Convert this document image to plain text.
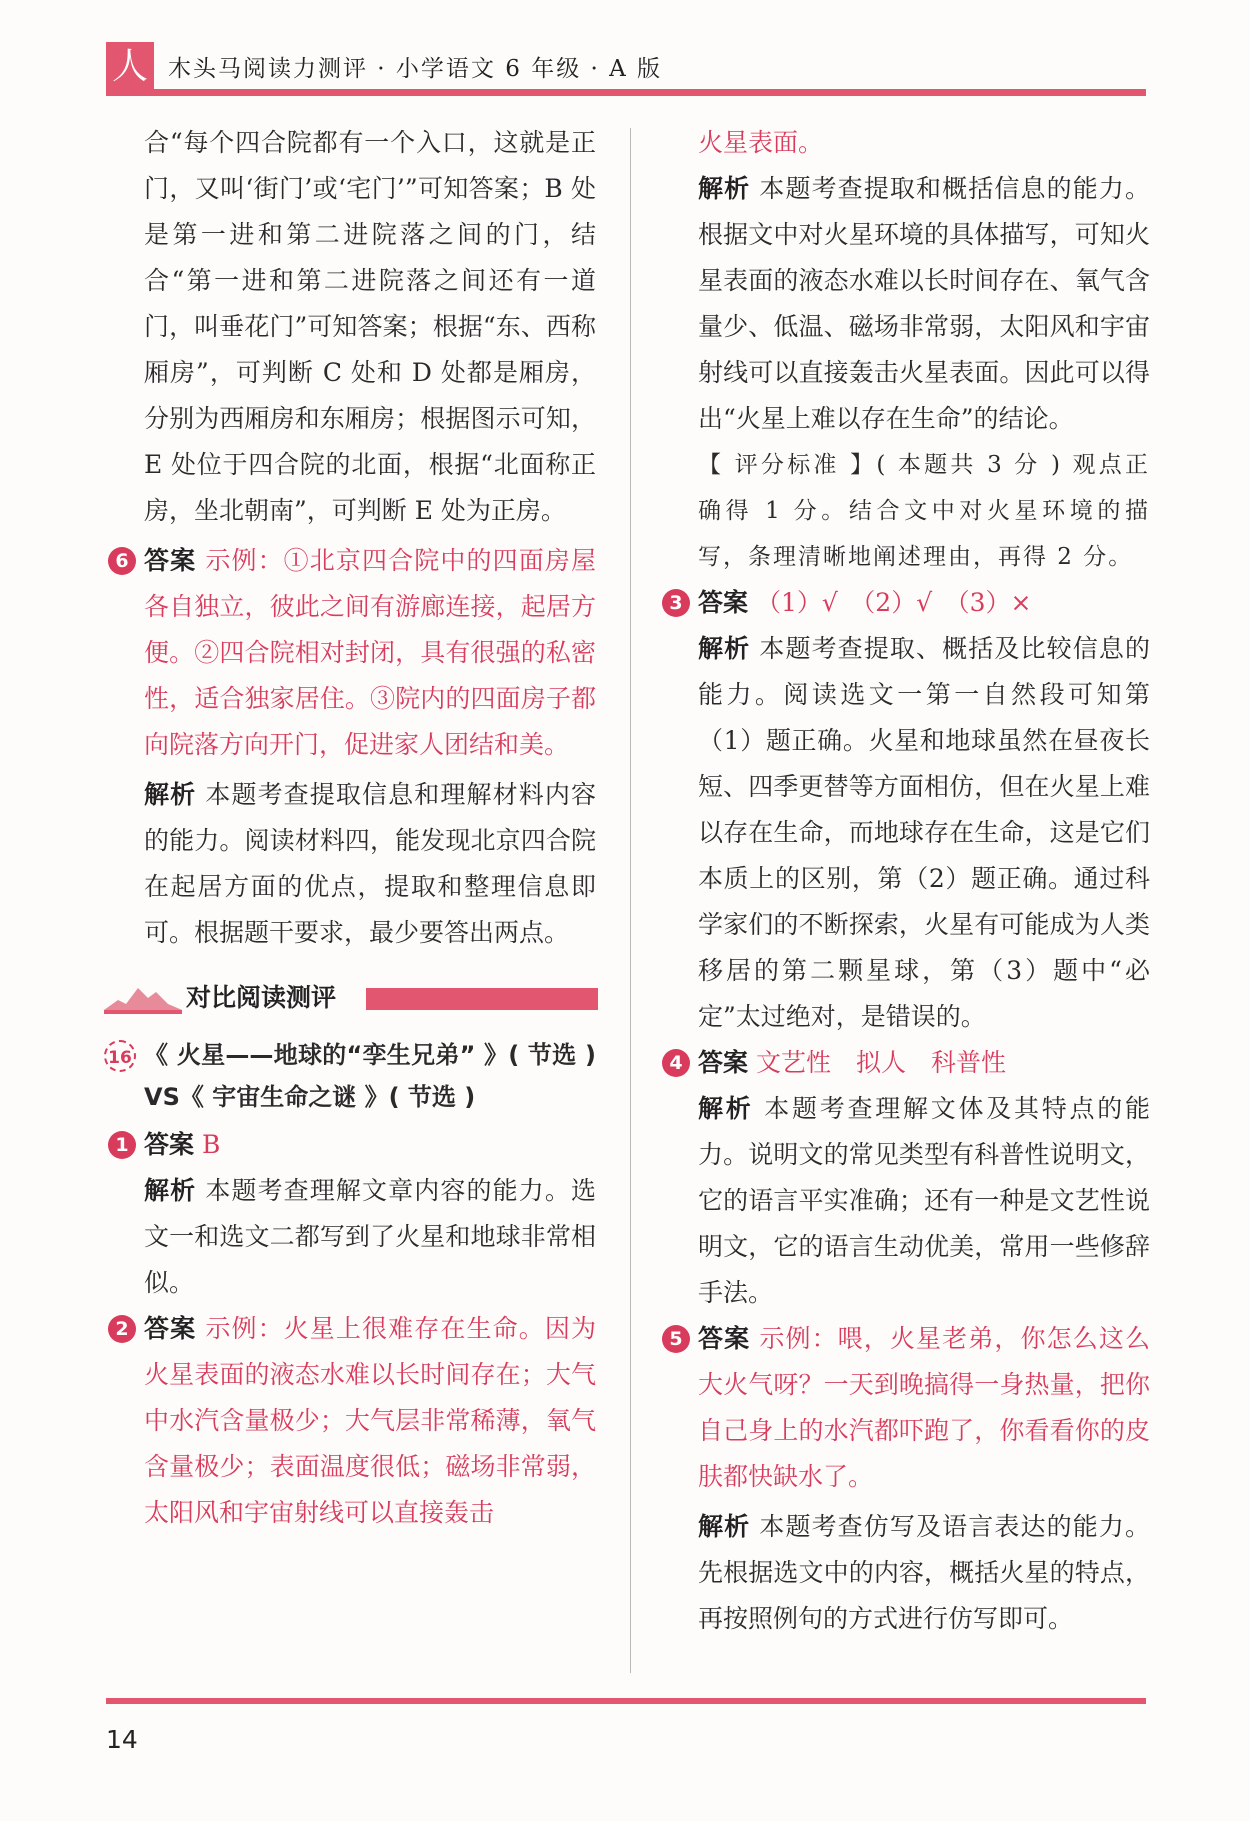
人 木头马阅读力测评 · 小学语文 6 年级 · A 版

合“每个四合院都有一个入口，这就是正门，又叫‘街门’或‘宅门’”可知答案；B 处是第一进和第二进院落之间的门，结合“第一进和第二进院落之间还有一道门，叫垂花门”可知答案；根据“东、西称厢房”，可判断 C 处和 D 处都是厢房，分别为西厢房和东厢房；根据图示可知，E 处位于四合院的北面，根据“北面称正房，坐北朝南”，可判断 E 处为正房。

6 答案 示例：①北京四合院中的四面房屋各自独立，彼此之间有游廊连接，起居方便。②四合院相对封闭，具有很强的私密性，适合独家居住。③院内的四面房子都向院落方向开门，促进家人团结和美。

解析 本题考查提取信息和理解材料内容的能力。阅读材料四，能发现北京四合院在起居方面的优点，提取和整理信息即可。根据题干要求，最少要答出两点。

对比阅读测评
16 《 火星——地球的“孪生兄弟” 》( 节选 ) VS《 宇宙生命之谜 》( 节选 )

1 答案 B

解析 本题考查理解文章内容的能力。选文一和选文二都写到了火星和地球非常相似。

2 答案 示例：火星上很难存在生命。因为火星表面的液态水难以长时间存在；大气中水汽含量极少；大气层非常稀薄，氧气含量极少；表面温度很低；磁场非常弱，太阳风和宇宙射线可以直接轰击

火星表面。

解析 本题考查提取和概括信息的能力。根据文中对火星环境的具体描写，可知火星表面的液态水难以长时间存在、氧气含量少、低温、磁场非常弱，太阳风和宇宙射线可以直接轰击火星表面。因此可以得出“火星上难以存在生命”的结论。

【 评分标准 】( 本题共 3 分 ) 观点正确得 1 分。结合文中对火星环境的描写，条理清晰地阐述理由，再得 2 分。

3 答案 （1）√　（2）√　（3）×

解析 本题考查提取、概括及比较信息的能力。阅读选文一第一自然段可知第（1）题正确。火星和地球虽然在昼夜长短、四季更替等方面相仿，但在火星上难以存在生命，而地球存在生命，这是它们本质上的区别，第（2）题正确。通过科学家们的不断探索，火星有可能成为人类移居的第二颗星球，第（3）题中“必定”太过绝对，是错误的。

4 答案 文艺性　拟人　科普性

解析 本题考查理解文体及其特点的能力。说明文的常见类型有科普性说明文，它的语言平实准确；还有一种是文艺性说明文，它的语言生动优美，常用一些修辞手法。

5 答案 示例：喂，火星老弟，你怎么这么大火气呀？一天到晚搞得一身热量，把你自己身上的水汽都吓跑了，你看看你的皮肤都快缺水了。

解析 本题考查仿写及语言表达的能力。先根据选文中的内容，概括火星的特点，再按照例句的方式进行仿写即可。

14
